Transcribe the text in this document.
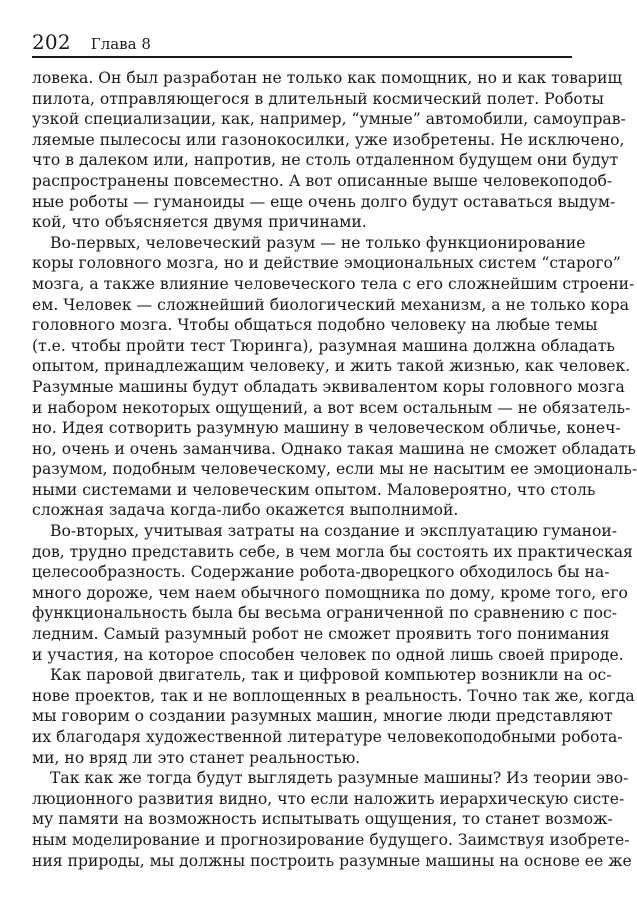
202 Глава 8
ловека. Он был разработан не только как помощник, но и как товарищ
пилота, отправляющегося в длительный космический полет. Роботы
узкой специализации, как, например, “умные” автомобили, самоупрaв-
ляемые пылесосы или газонокосилки, уже изобретены. Не исключено,
что в далеком или, напротив, не столь отдаленном будущем они будут
распространены повсеместно. А вот описанные выше человекоподоб-
ные роботы — гуманоиды — еще очень долго будут оставаться выдум-
кой, что объясняется двумя причинами.
Во-первых, человеческий разум — не только функционирование
коры головного мозга, но и действие эмоциональных систем “старого”
мозга, а также влияние человеческого тела с его сложнейшим строени-
ем. Человек — сложнейший биологический механизм, а не только кора
головного мозга. Чтобы общаться подобно человеку на любые темы
(т.е. чтобы пройти тест Тюринга), разумная машина должна обладать
опытом, принадлежащим человеку, и жить такой жизнью, как человек.
Разумные машины будут обладать эквивалентом коры головного мозга
и набором некоторых ощущений, а вот всем остальным — не обязатель-
но. Идея сотворить разумную машину в человеческом обличье, конеч-
но, очень и очень заманчива. Однако такая машина не сможет обладать
разумом, подобным человеческому, если мы не насытим ее эмоциональ-
ными системами и человеческим опытом. Маловероятно, что столь
сложная задача когда-либо окажется выполнимой.
Во-вторых, учитывая затраты на создание и эксплуатацию гуманои-
дов, трудно представить себе, в чем могла бы состоять их практическая
целесообразность. Содержание робота-дворецкого обходилось бы на-
много дороже, чем наем обычного помощника по дому, кроме того, его
функциональность была бы весьма ограниченной по сравнению с пос-
ледним. Самый разумный робот не сможет проявить того понимания
и участия, на которое способен человек по одной лишь своей природе.
Как паровой двигатель, так и цифровой компьютер возникли на ос-
нове проектов, так и не воплощенных в реальность. Точно так же, когда
мы говорим о создании разумных машин, многие люди представляют
их благодаря художественной литературе человекоподобными робота-
ми, но вряд ли это станет реальностью.
Так как же тогда будут выглядеть разумные машины? Из теории эво-
люционного развития видно, что если наложить иерархическую систе-
му памяти на возможность испытывать ощущения, то станет возмож-
ным моделирование и прогнозирование будущего. Заимствуя изобрете-
ния природы, мы должны построить разумные машины на основе ее же
